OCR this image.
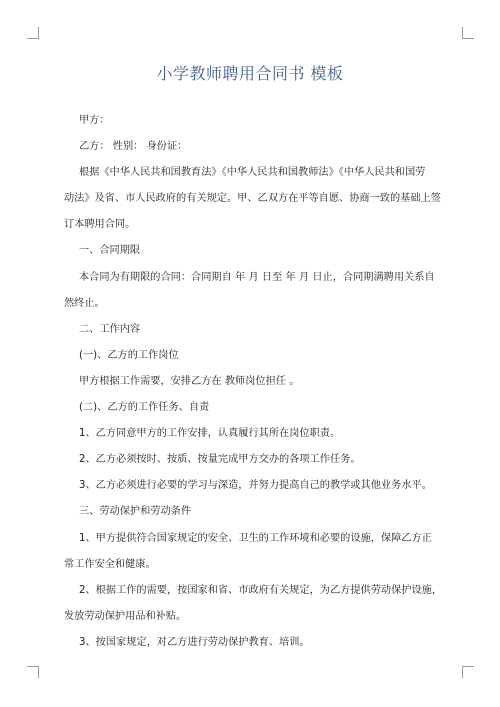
小学教师聘用合同书 模板

甲方：

乙方： 性别： 身份证：

根据《中华人民共和国教育法》《中华人民共和国教师法》《中华人民共和国劳

动法》及省、市人民政府的有关规定。甲、乙双方在平等自愿、协商一致的基础上签

订本聘用合同。

一、合同期限

本合同为有期限的合同：合同期自 年 月 日至 年 月 日止，合同期满聘用关系自

然终止。

二、工作内容

(一)、乙方的工作岗位

甲方根据工作需要，安排乙方在 教师岗位担任 。

(二)、乙方的工作任务、自责

1、乙方同意甲方的工作安排，认真履行其所在岗位职责。

2、乙方必须按时、按质、按量完成甲方交办的各项工作任务。

3、乙方必须进行必要的学习与深造，并努力提高自己的教学或其他业务水平。

三、劳动保护和劳动条件

1、甲方提供符合国家规定的安全、卫生的工作环境和必要的设施，保障乙方正

常工作安全和健康。

2、根据工作的需要，按国家和省、市政府有关规定，为乙方提供劳动保护设施，

发放劳动保护用品和补贴。

3、按国家规定，对乙方进行劳动保护教育、培训。
